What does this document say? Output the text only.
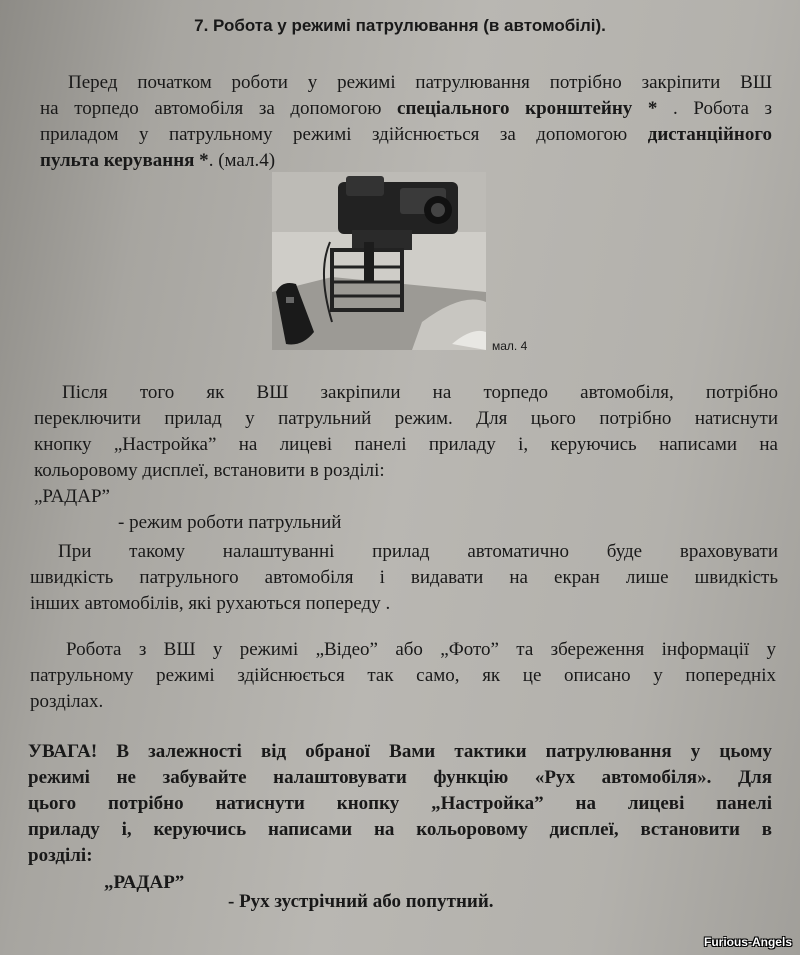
7. Робота у режимі патрулювання (в автомобілі).
Перед початком роботи у режимі патрулювання потрібно закріпити ВШ
на торпедо автомобіля за допомогою спеціального кронштейну * . Робота з
приладом у патрульному режимі здійснюється за допомогою дистанційного
пульта керування *. (мал.4)
мал. 4
Після того як ВШ закріпили на торпедо автомобіля, потрібно
переключити прилад у патрульний режим. Для цього потрібно натиснути
кнопку „Настройка” на лицеві панелі приладу і, керуючись написами на
кольоровому дисплеї, встановити в розділі:
„РАДАР”
- режим роботи патрульний
При такому налаштуванні прилад автоматично буде враховувати
швидкість патрульного автомобіля і видавати на екран лише швидкість
інших автомобілів, які рухаються попереду .
Робота з ВШ у режимі „Відео” або „Фото” та збереження інформації у
патрульному режимі здійснюється так само, як це описано у попередніх
розділах.
УВАГА! В залежності від обраної Вами тактики патрулювання у цьому
режимі не забувайте налаштовувати функцію «Рух автомобіля». Для
цього потрібно натиснути кнопку „Настройка” на лицеві панелі
приладу і, керуючись написами на кольоровому дисплеї, встановити в
розділі:
„РАДАР”
- Рух зустрічний або попутний.
Furious-Angels
